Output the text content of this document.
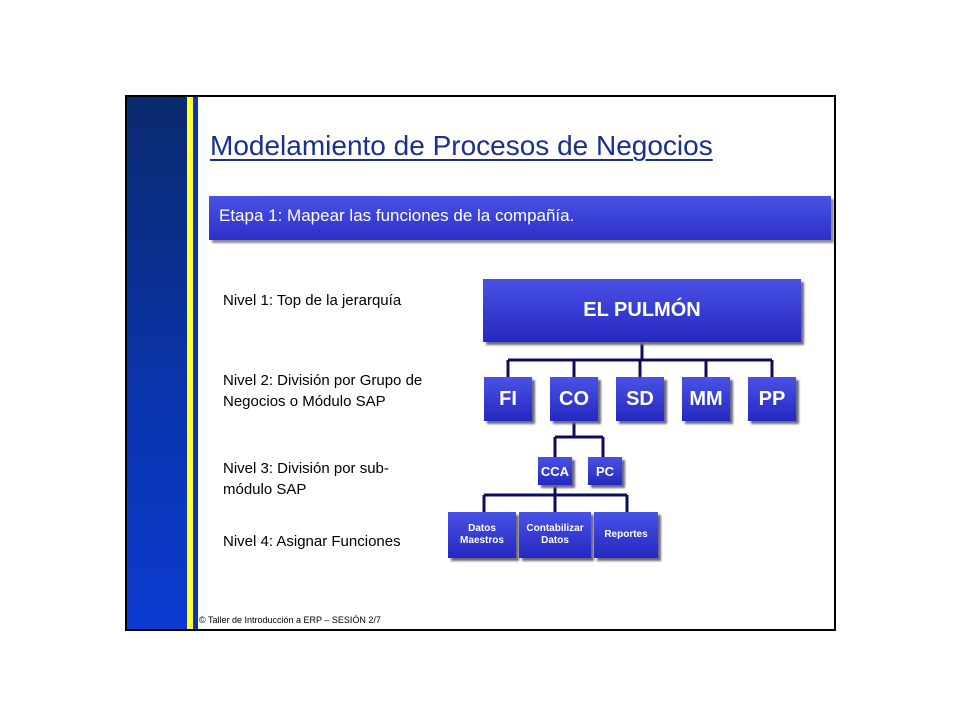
Modelamiento de Procesos de Negocios
Etapa 1: Mapear las funciones de la compañía.
Nivel 1: Top de la jerarquía
Nivel 2: División por Grupo de Negocios o Módulo SAP
Nivel 3: División por sub-módulo SAP
Nivel 4: Asignar Funciones
EL PULMÓN
FI	CO	SD	MM	PP
CCA	PC
Datos Maestros
Contabilizar Datos
Reportes
© Taller de Introducción a ERP – SESIÓN 2/7
